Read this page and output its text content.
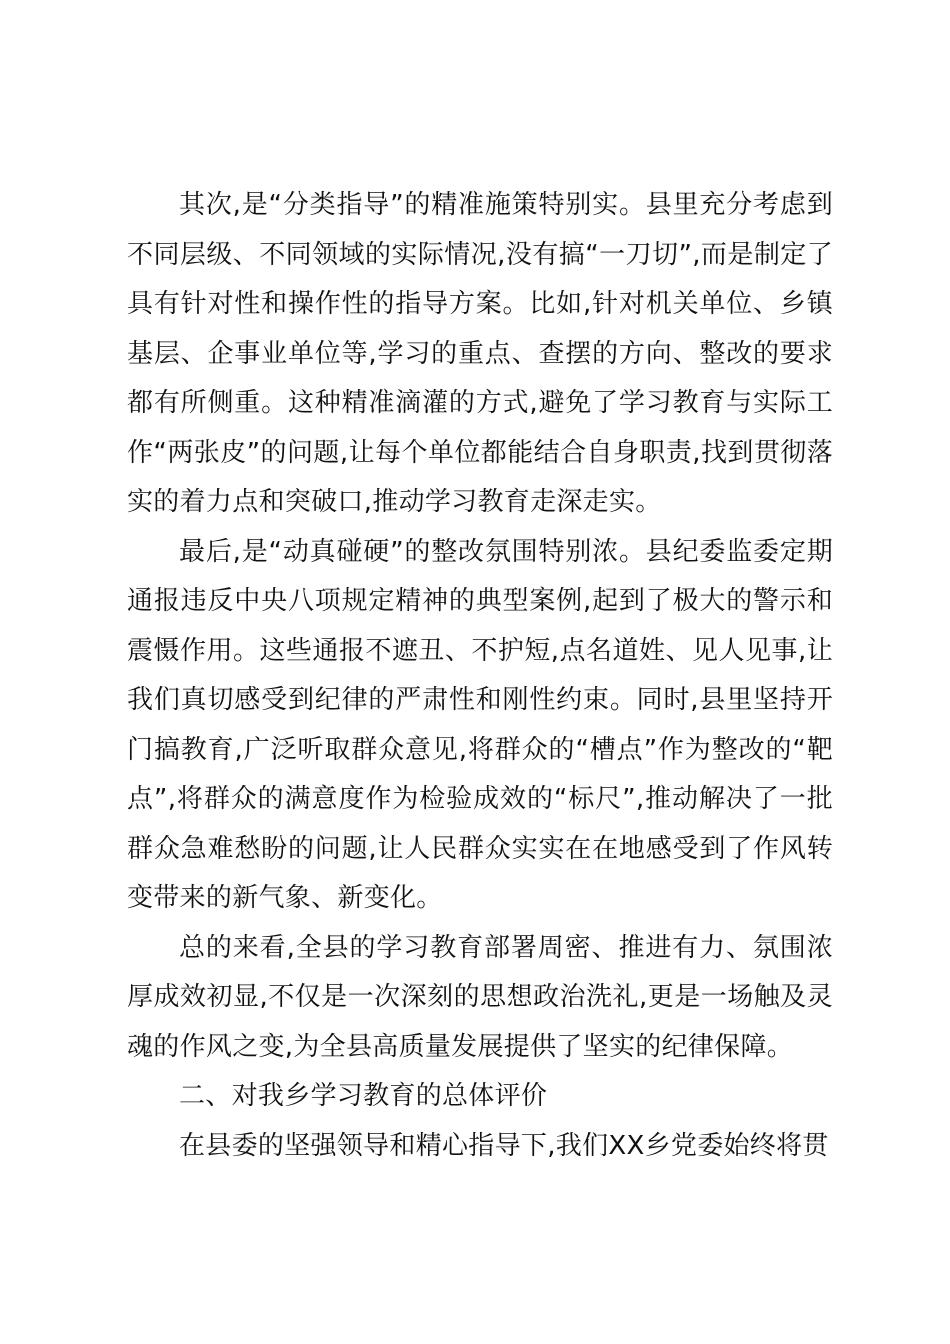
其次,是“分类指导”的精准施策特别实。县里充分考虑到不同层级、不同领域的实际情况,没有搞“一刀切”,而是制定了具有针对性和操作性的指导方案。比如,针对机关单位、乡镇基层、企事业单位等,学习的重点、查摆的方向、整改的要求都有所侧重。这种精准滴灌的方式,避免了学习教育与实际工作“两张皮”的问题,让每个单位都能结合自身职责,找到贯彻落实的着力点和突破口,推动学习教育走深走实。

最后,是“动真碰硬”的整改氛围特别浓。县纪委监委定期通报违反中央八项规定精神的典型案例,起到了极大的警示和震慑作用。这些通报不遮丑、不护短,点名道姓、见人见事,让我们真切感受到纪律的严肃性和刚性约束。同时,县里坚持开门搞教育,广泛听取群众意见,将群众的“槽点”作为整改的“靶点”,将群众的满意度作为检验成效的“标尺”,推动解决了一批群众急难愁盼的问题,让人民群众实实在在地感受到了作风转变带来的新气象、新变化。

总的来看,全县的学习教育部署周密、推进有力、氛围浓厚成效初显,不仅是一次深刻的思想政治洗礼,更是一场触及灵魂的作风之变,为全县高质量发展提供了坚实的纪律保障。

二、对我乡学习教育的总体评价

在县委的坚强领导和精心指导下,我们XX乡党委始终将贯
